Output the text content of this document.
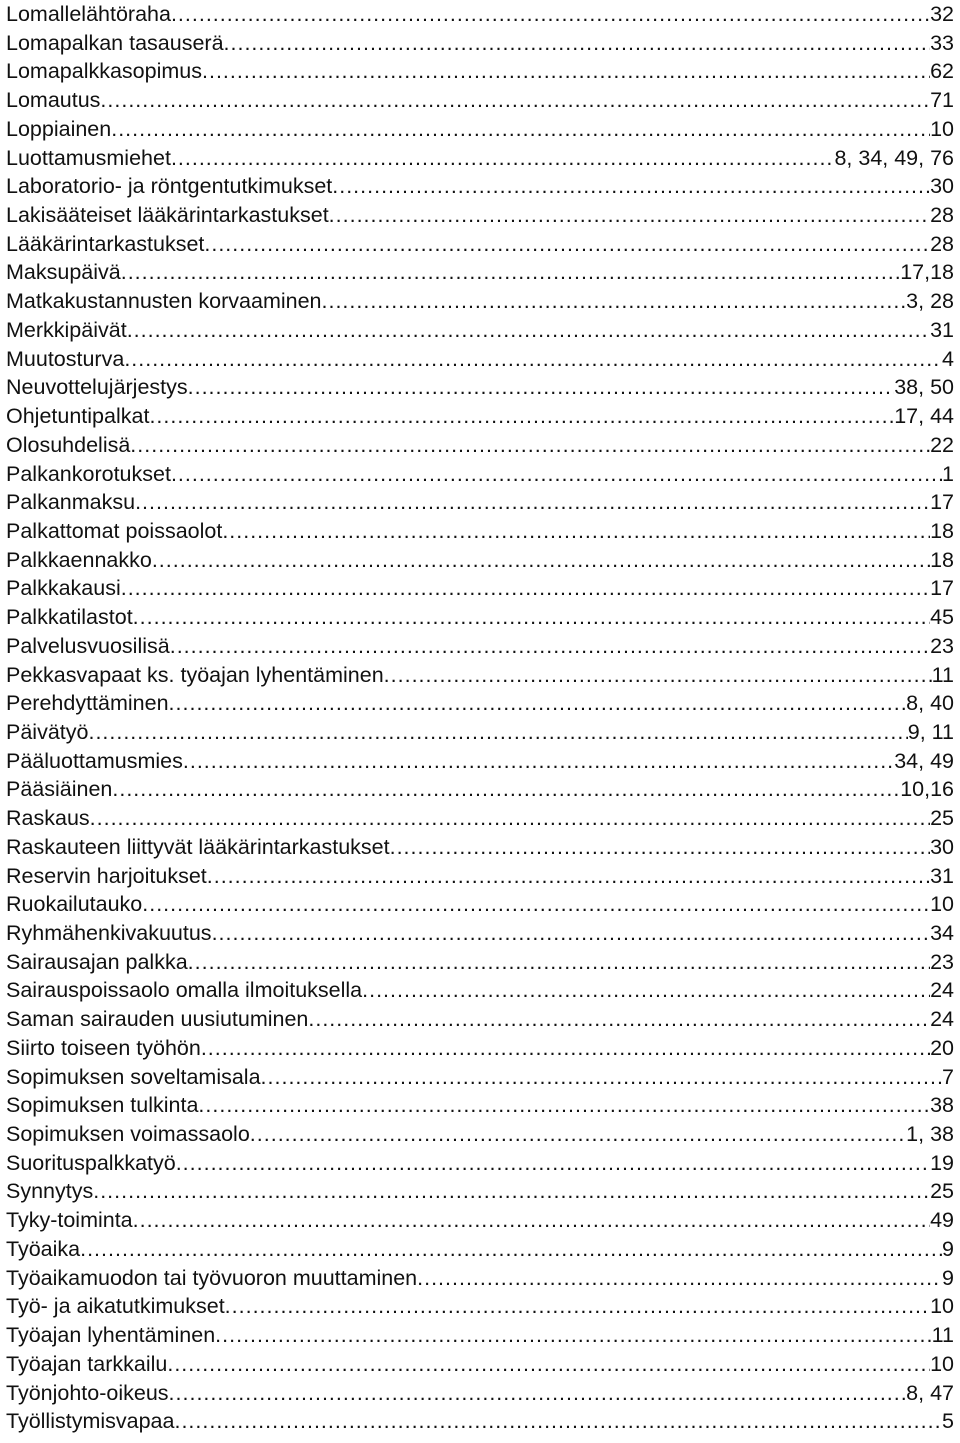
Lomallelähtöraha .....	32
Lomapalkan tasauserä .....	33
Lomapalkkasopimus .....	62
Lomautus .....	71
Loppiainen .....	10
Luottamusmiehet .....	8, 34, 49, 76
Laboratorio- ja röntgentutkimukset .....	30
Lakisääteiset lääkärintarkastukset .....	28
Lääkärintarkastukset .....	28
Maksupäivä .....	17,18
Matkakustannusten korvaaminen .....	3, 28
Merkkipäivät .....	31
Muutosturva .....	4
Neuvottelujärjestys .....	38, 50
Ohjetuntipalkat .....	17, 44
Olosuhdelisä .....	22
Palkankorotukset .....	1
Palkanmaksu .....	17
Palkattomat poissaolot .....	18
Palkkaennakko .....	18
Palkkakausi .....	17
Palkkatilastot .....	45
Palvelusvuosilisä .....	23
Pekkasvapaat ks. työajan lyhentäminen .....	11
Perehdyttäminen .....	8, 40
Päivätyö .....	9, 11
Pääluottamusmies .....	34, 49
Pääsiäinen .....	10,16
Raskaus .....	25
Raskauteen liittyvät lääkärintarkastukset .....	30
Reservin harjoitukset .....	31
Ruokailutauko .....	10
Ryhmähenkivakuutus .....	34
Sairausajan palkka .....	23
Sairauspoissaolo omalla ilmoituksella .....	24
Saman sairauden uusiutuminen .....	24
Siirto toiseen työhön .....	20
Sopimuksen soveltamisala .....	7
Sopimuksen tulkinta .....	38
Sopimuksen voimassaolo .....	1, 38
Suorituspalkkatyö .....	19
Synnytys .....	25
Tyky-toiminta .....	49
Työaika .....	9
Työaikamuodon tai työvuoron muuttaminen .....	9
Työ- ja aikatutkimukset .....	10
Työajan lyhentäminen .....	11
Työajan tarkkailu .....	10
Työnjohto-oikeus .....	8, 47
Työllistymisvapaa .....	5
